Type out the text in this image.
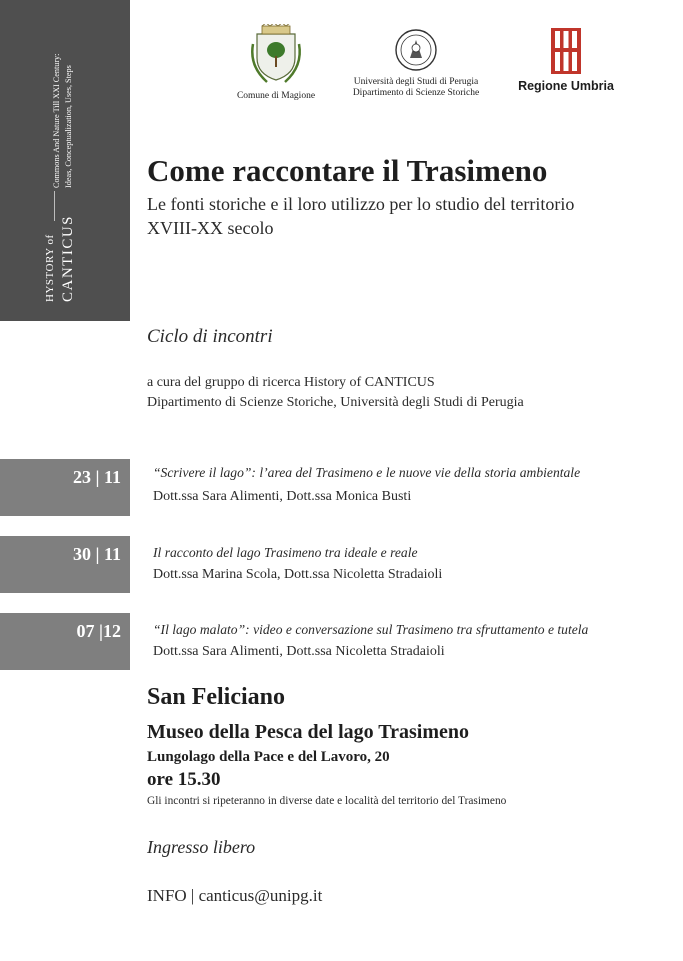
CANTICUS
HYSTORY of
Commons And Nature Till XXI Century: Ideas, Conceptualization, Uses, Steps	Comune di Magione
Università degli Studi di Perugia
Dipartimento di Scienze Storiche	Regione Umbria
Come raccontare il Trasimeno
Le fonti storiche e il loro utilizzo per lo studio del territorio
XVIII-XX secolo
Ciclo di incontri
a cura del gruppo di ricerca History of CANTICUS
Dipartimento di Scienze Storiche, Università degli Studi di Perugia
23 | 11 “Scrivere il lago”: l’area del Trasimeno e le nuove vie della storia ambientale
Dott.ssa Sara Alimenti, Dott.ssa Monica Busti
30 | 11 Il racconto del lago Trasimeno tra ideale e reale
Dott.ssa Marina Scola, Dott.ssa Nicoletta Stradaioli
07 |12 “Il lago malato”: video e conversazione sul Trasimeno tra sfruttamento e tutela
Dott.ssa Sara Alimenti, Dott.ssa Nicoletta Stradaioli
San Feliciano
Museo della Pesca del lago Trasimeno
Lungolago della Pace e del Lavoro, 20
ore 15.30
Gli incontri si ripeteranno in diverse date e località del territorio del Trasimeno
Ingresso libero
INFO | canticus@unipg.it
